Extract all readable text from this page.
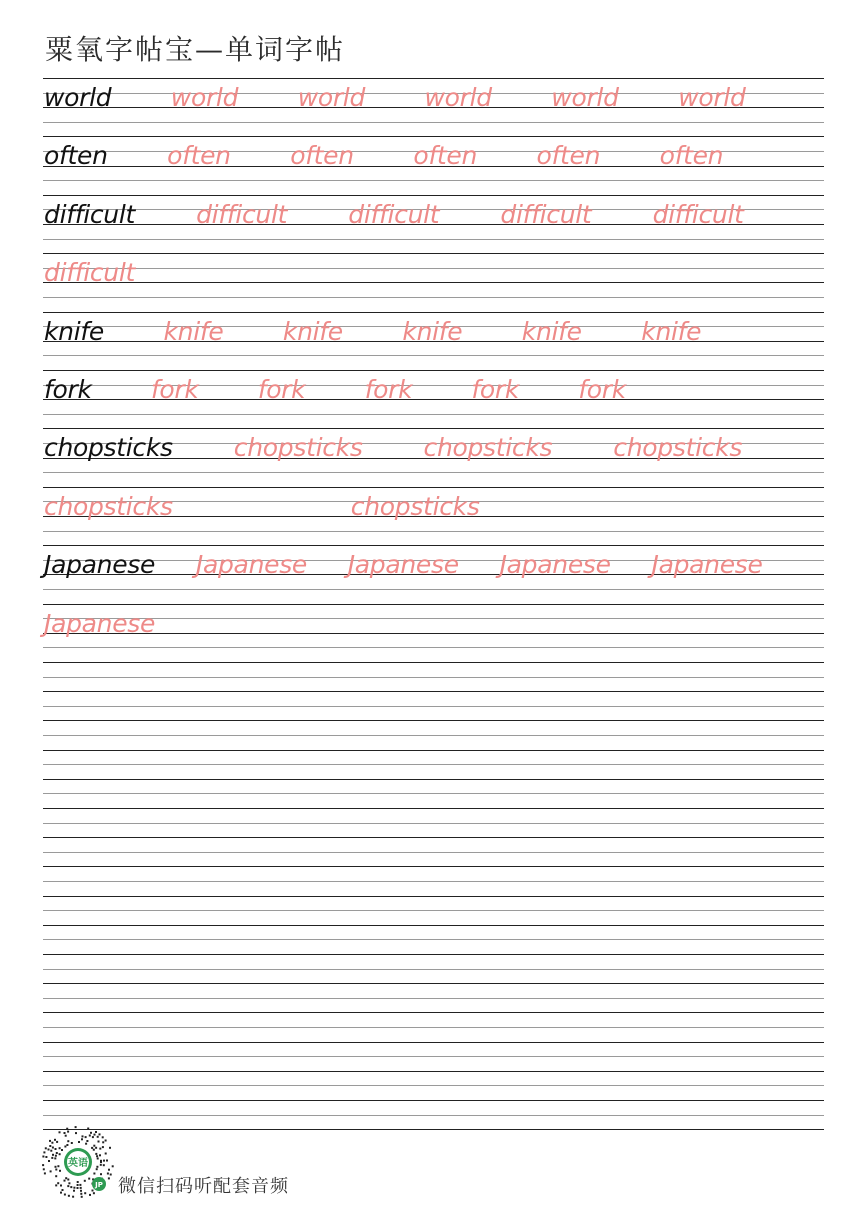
粟氧字帖宝—单词字帖
world world world world world world
often often often often often often
difficult difficult difficult difficult difficult
difficult
knife knife knife knife knife knife
fork fork fork fork fork fork
chopsticks chopsticks chopsticks chopsticks
chopsticks	chopsticks
Japanese Japanese Japanese Japanese Japanese
Japanese
英语
JP 微信扫码听配套音频
